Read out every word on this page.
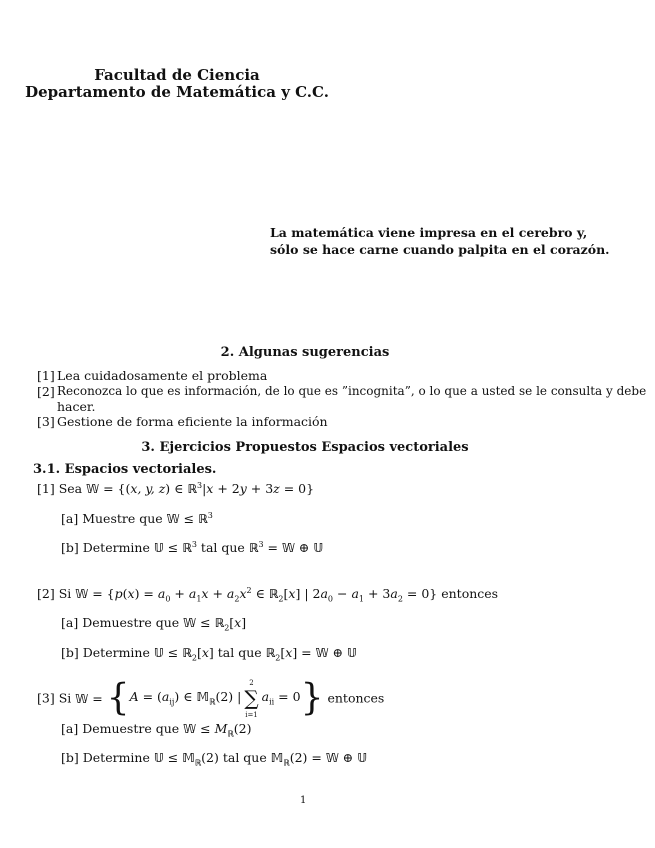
Facultad de Ciencia
Departamento de Matemática y C.C.
La matemática viene impresa en el cerebro y,
sólo se hace carne cuando palpita en el corazón.
2. Algunas sugerencias
[1] Lea cuidadosamente el problema
[2] Reconozca lo que es información, de lo que es ”incognita”, o lo que a usted se le consulta y debe
hacer.
[3] Gestione de forma eficiente la información
3. Ejercicios Propuestos Espacios vectoriales
3.1. Espacios vectoriales.
[1] Sea 𝕎 = {(x, y, z) ∈ ℝ$^3$|x + 2y + 3z = 0}
[a] Muestre que 𝕎 ≤ ℝ$^3$
[b] Determine 𝕌 ≤ ℝ$^3$ tal que ℝ$^3$ = 𝕎 ⊕ 𝕌
[2] Si 𝕎 = {$p(x) = a_0 + a_1x + a_2x^2$ ∈ ℝ$_2$[x] | $2a_0 - a_1 + 3a_2 = 0$} entonces
[a] Demuestre que 𝕎 ≤ ℝ$_2$[x]
[b] Determine 𝕌 ≤ ℝ$_2$[x] tal que ℝ$_2$[x] = 𝕎 ⊕ 𝕌
[3] Si 𝕎 = {$A = (a_{ij})$ ∈ 𝕄$_ℝ$(2) |2
∑
$i=1a_{ii} = 0$} entonces
[a] Demuestre que 𝕎 ≤ $M_ℝ(2)$
[b] Determine 𝕌 ≤ 𝕄$_ℝ$(2) tal que 𝕄$_ℝ$(2) = 𝕎 ⊕ 𝕌
1
